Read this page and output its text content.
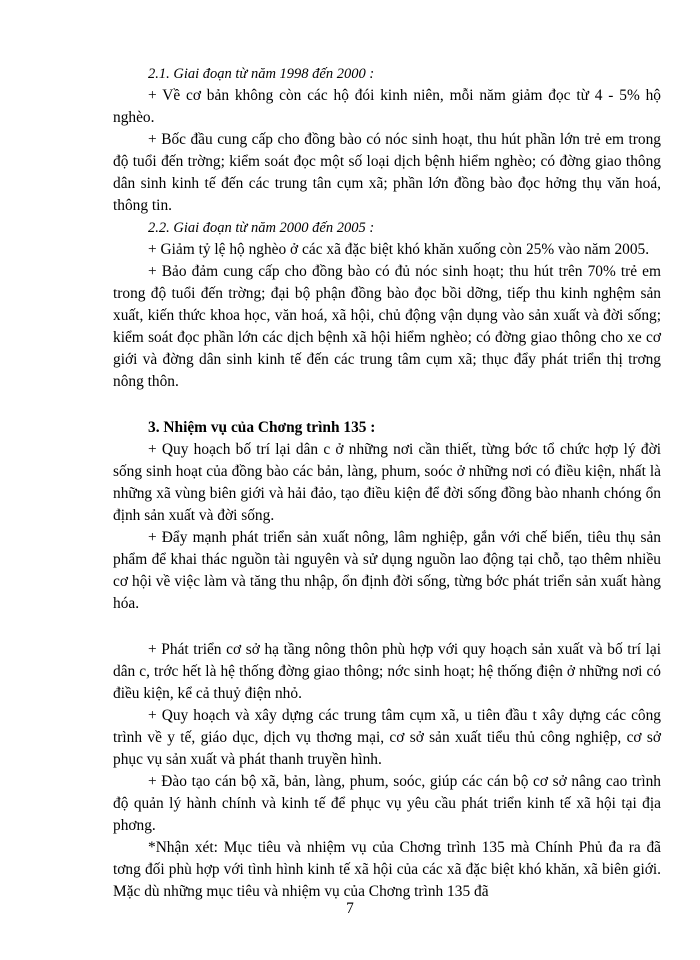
2.1. Giai đoạn từ năm 1998 đến 2000 :

+ Về cơ bản không còn các hộ đói kinh niên, mỗi năm giảm đọc từ 4 - 5% hộ nghèo.

+ Bốc đầu cung cấp cho đồng bào có nóc sinh hoạt, thu hút phần lớn trẻ em trong độ tuổi đến trờng; kiểm soát đọc một số loại dịch bệnh hiểm nghèo; có đờng giao thông dân sinh kinh tế đến các trung tân cụm xã; phần lớn đồng bào đọc hởng thụ văn hoá, thông tin.

2.2. Giai đoạn từ năm 2000 đến 2005 :

+ Giảm tỷ lệ hộ nghèo ở các xã đặc biệt khó khăn xuống còn 25% vào năm 2005.

+ Bảo đảm cung cấp cho đồng bào có đủ nóc sinh hoạt; thu hút trên 70% trẻ em trong độ tuổi đến trờng; đại bộ phận đồng bào đọc bồi dỡng, tiếp thu kinh nghệm sản xuất, kiến thức khoa học, văn hoá, xã hội, chủ động vận dụng vào sản xuất và đời sống; kiểm soát đọc phần lớn các dịch bệnh xã hội hiểm nghèo; có đờng giao thông cho xe cơ giới và đờng dân sinh kinh tế đến các trung tâm cụm xã; thục đẩy phát triển thị trơng nông thôn.

3. Nhiệm vụ của Chơng trình 135 :

+ Quy hoạch bố trí lại dân c ở những nơi cần thiết, từng bớc tổ chức hợp lý đời sống sinh hoạt của đồng bào các bản, làng, phum, soóc ở những nơi có điều kiện, nhất là những xã vùng biên giới và hải đảo, tạo điều kiện để đời sống đồng bào nhanh chóng ổn định sản xuất và đời sống.

+ Đẩy mạnh phát triển sản xuất nông, lâm nghiệp, gắn với chế biến, tiêu thụ sản phẩm để khai thác nguồn tài nguyên và sử dụng nguồn lao động tại chỗ, tạo thêm nhiều cơ hội về việc làm và tăng thu nhập, ổn định đời sống, từng bớc phát triển sản xuất hàng hóa.

+ Phát triển cơ sở hạ tầng nông thôn phù hợp với quy hoạch sản xuất và bố trí lại dân c, trớc hết là hệ thống đờng giao thông; nớc sinh hoạt; hệ thống điện ở những nơi có điều kiện, kể cả thuỷ điện nhỏ.

+ Quy hoạch và xây dựng các trung tâm cụm xã, u tiên đầu t xây dựng các công trình về y tế, giáo dục, dịch vụ thơng mại, cơ sở sản xuất tiểu thủ công nghiệp, cơ sở phục vụ sản xuất và phát thanh truyền hình.

+ Đào tạo cán bộ xã, bản, làng, phum, soóc, giúp các cán bộ cơ sở nâng cao trình độ quản lý hành chính và kinh tế để phục vụ yêu cầu phát triển kinh tế xã hội tại địa phơng.

*Nhận xét: Mục tiêu và nhiệm vụ của Chơng trình 135 mà Chính Phủ đa ra đã tơng đối phù hợp với tình hình kinh tế xã hội của các xã đặc biệt khó khăn, xã biên giới. Mặc dù những mục tiêu và nhiệm vụ của Chơng trình 135 đã

7
